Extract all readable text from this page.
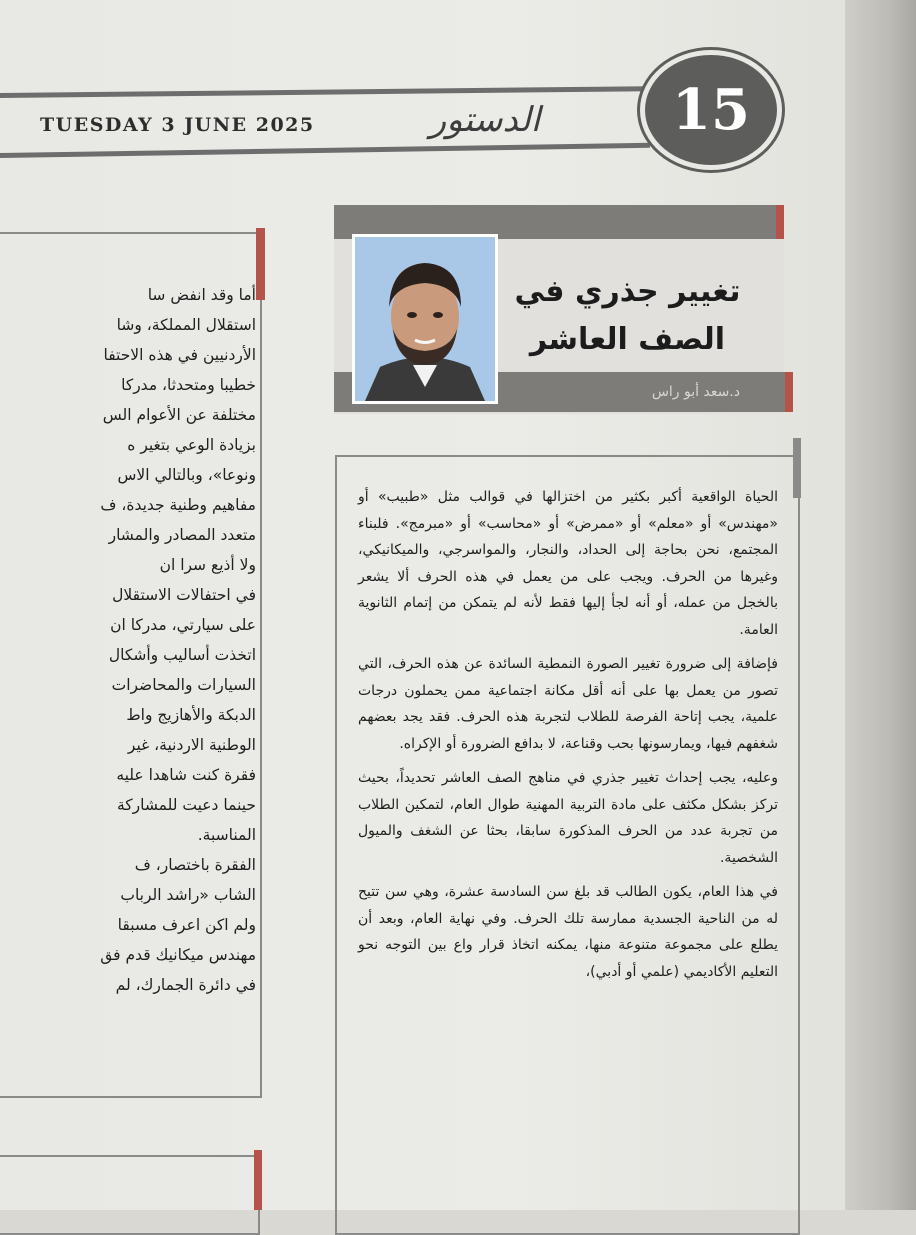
TUESDAY 3 JUNE 2025	الدستور	15
أما وقد انفض سا
استقلال المملكة، وشا
الأردنيين في هذه الاحتفا
خطيبا ومتحدثا، مدركا
مختلفة عن الأعوام الس
بزيادة الوعي بتغير ه
ونوعا»، وبالتالي الاس
مفاهيم وطنية جديدة، ف
متعدد المصادر والمشار
ولا أذيع سرا ان
في احتفالات الاستقلال
على سيارتي، مدركا ان
اتخذت أساليب وأشكال
السيارات والمحاضرات
الدبكة والأهازيج واط
الوطنية الاردنية، غير
فقرة كنت شاهدا عليه
حينما دعيت للمشاركة
المناسبة.
الفقرة باختصار، ف
الشاب «راشد الرباب
ولم اكن اعرف مسبقا
مهندس ميكانيك قدم فق
في دائرة الجمارك، لم
د.سعد أبو راس
تغيير جذري في
الصف العاشر

الحياة الواقعية أكبر بكثير من اختزالها في قوالب مثل «طبيب» أو «مهندس» أو «معلم» أو «ممرض» أو «محاسب» أو «مبرمج». فلبناء المجتمع، نحن بحاجة إلى الحداد، والنجار، والمواسرجي، والميكانيكي، وغيرها من الحرف. ويجب على من يعمل في هذه الحرف ألا يشعر بالخجل من عمله، أو أنه لجأ إليها فقط لأنه لم يتمكن من إتمام الثانوية العامة.

فإضافة إلى ضرورة تغيير الصورة النمطية السائدة عن هذه الحرف، التي تصور من يعمل بها على أنه أقل مكانة اجتماعية ممن يحملون درجات علمية، يجب إتاحة الفرصة للطلاب لتجربة هذه الحرف. فقد يجد بعضهم شغفهم فيها، ويمارسونها بحب وقناعة، لا بدافع الضرورة أو الإكراه.

وعليه، يجب إحداث تغيير جذري في مناهج الصف العاشر تحديداً، بحيث تركز بشكل مكثف على مادة التربية المهنية طوال العام، لتمكين الطلاب من تجربة عدد من الحرف المذكورة سابقا، بحثا عن الشغف والميول الشخصية.

في هذا العام، يكون الطالب قد بلغ سن السادسة عشرة، وهي سن تتيح له من الناحية الجسدية ممارسة تلك الحرف. وفي نهاية العام، وبعد أن يطلع على مجموعة متنوعة منها، يمكنه اتخاذ قرار واع بين التوجه نحو التعليم الأكاديمي (علمي أو أدبي)،
